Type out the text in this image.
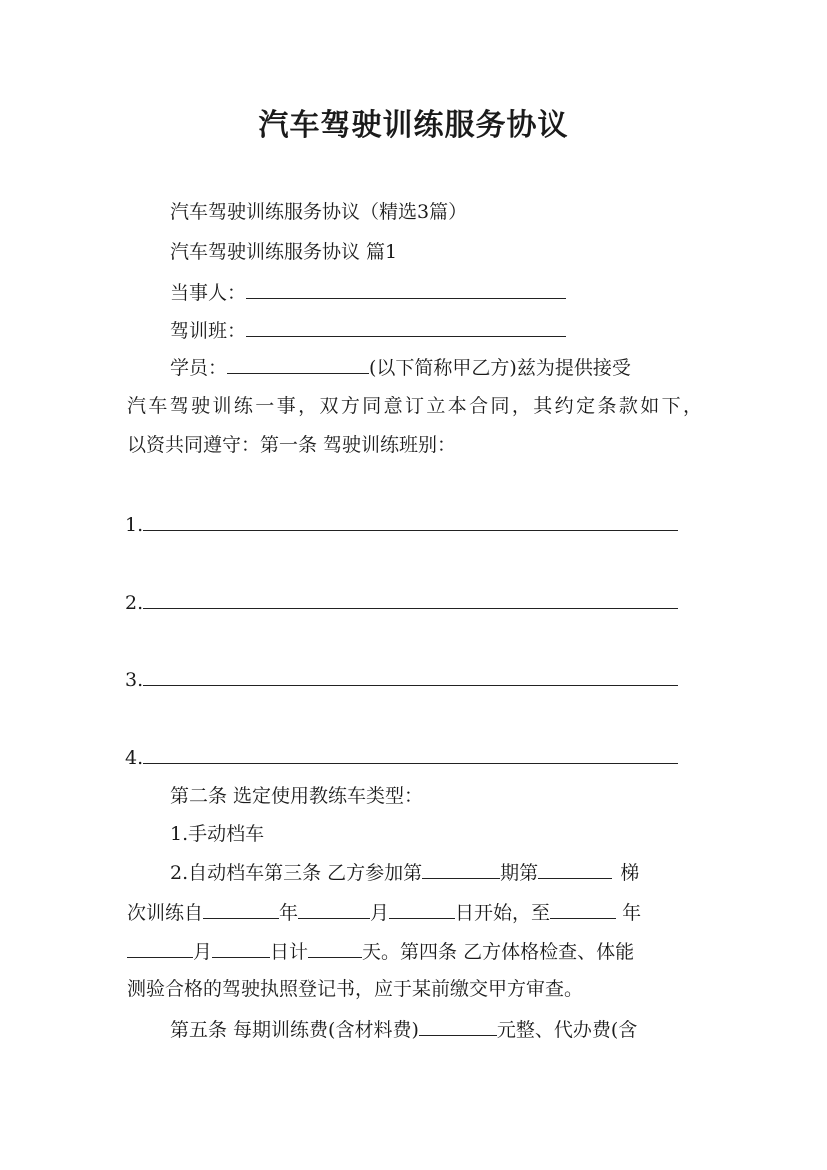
汽车驾驶训练服务协议
汽车驾驶训练服务协议（精选3篇）
汽车驾驶训练服务协议 篇1
当事人：
驾训班：
学员：	(以下简称甲乙方)兹为提供接受
汽车驾驶训练一事，双方同意订立本合同，其约定条款如下，
以资共同遵守：第一条 驾驶训练班别：
1.
2.
3.
4.
第二条 选定使用教练车类型：
1.手动档车
2.自动档车第三条 乙方参加第	期第	梯
次训练自	年	月	日开始，至	年
月	日计	天。第四条 乙方体格检查、体能
测验合格的驾驶执照登记书，应于某前缴交甲方审查。
第五条 每期训练费(含材料费)	元整、代办费(含
